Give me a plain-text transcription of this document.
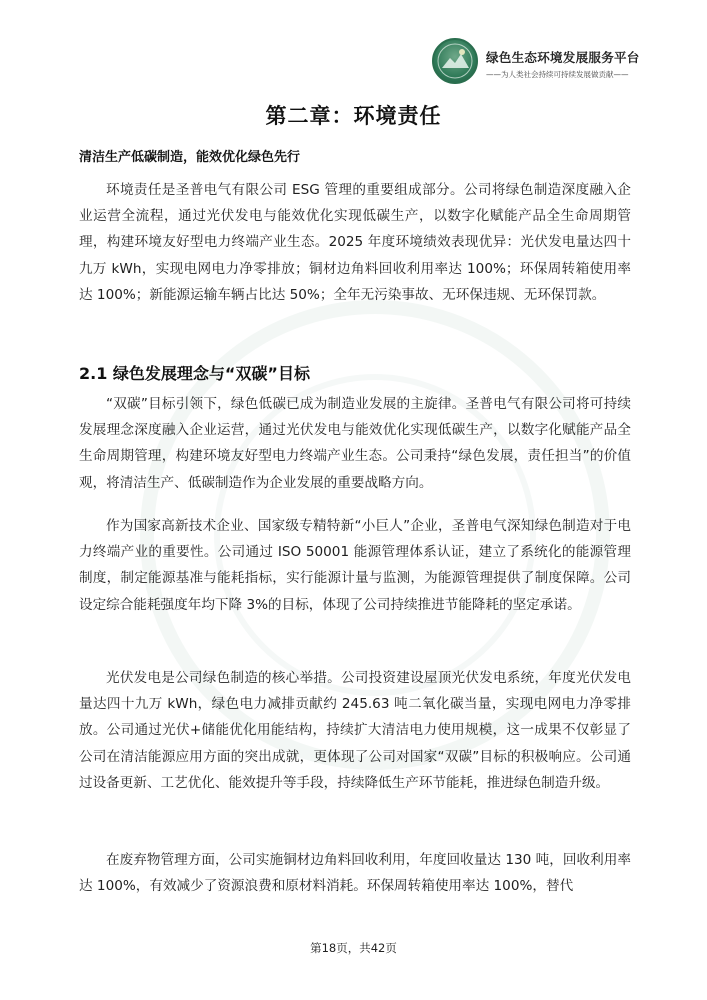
绿色生态环境发展服务平台
——为人类社会持续可持续发展做贡献——
第二章：环境责任
清洁生产低碳制造，能效优化绿色先行

环境责任是圣普电气有限公司 ESG 管理的重要组成部分。公司将绿色制造深度融入企业运营全流程，通过光伏发电与能效优化实现低碳生产，以数字化赋能产品全生命周期管理，构建环境友好型电力终端产业生态。2025 年度环境绩效表现优异：光伏发电量达四十九万 kWh，实现电网电力净零排放；铜材边角料回收利用率达 100%；环保周转箱使用率达 100%；新能源运输车辆占比达 50%；全年无污染事故、无环保违规、无环保罚款。

2.1 绿色发展理念与“双碳”目标

“双碳”目标引领下，绿色低碳已成为制造业发展的主旋律。圣普电气有限公司将可持续发展理念深度融入企业运营，通过光伏发电与能效优化实现低碳生产，以数字化赋能产品全生命周期管理，构建环境友好型电力终端产业生态。公司秉持“绿色发展，责任担当”的价值观，将清洁生产、低碳制造作为企业发展的重要战略方向。

作为国家高新技术企业、国家级专精特新“小巨人”企业，圣普电气深知绿色制造对于电力终端产业的重要性。公司通过 ISO 50001 能源管理体系认证，建立了系统化的能源管理制度，制定能源基准与能耗指标，实行能源计量与监测，为能源管理提供了制度保障。公司设定综合能耗强度年均下降 3%的目标，体现了公司持续推进节能降耗的坚定承诺。

光伏发电是公司绿色制造的核心举措。公司投资建设屋顶光伏发电系统，年度光伏发电量达四十九万 kWh，绿色电力减排贡献约 245.63 吨二氧化碳当量，实现电网电力净零排放。公司通过光伏+储能优化用能结构，持续扩大清洁电力使用规模，这一成果不仅彰显了公司在清洁能源应用方面的突出成就，更体现了公司对国家“双碳”目标的积极响应。公司通过设备更新、工艺优化、能效提升等手段，持续降低生产环节能耗，推进绿色制造升级。

在废弃物管理方面，公司实施铜材边角料回收利用，年度回收量达 130 吨，回收利用率达 100%，有效减少了资源浪费和原材料消耗。环保周转箱使用率达 100%，替代

第18页，共42页
